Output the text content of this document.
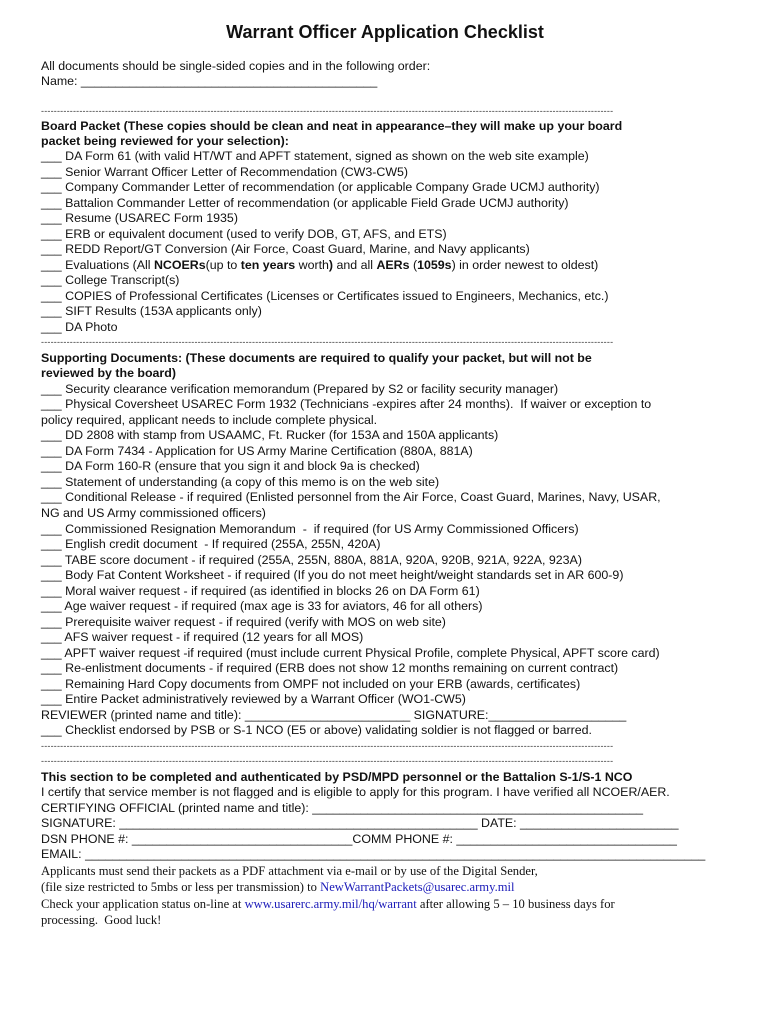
Warrant Officer Application Checklist
All documents should be single-sided copies and in the following order:
Name: ___________________________________________
-----------------------------------------------------------------------------------------------------------------------------------------------------------------------------------
Board Packet (These copies should be clean and neat in appearance–they will make up your board
packet being reviewed for your selection):
___ DA Form 61 (with valid HT/WT and APFT statement, signed as shown on the web site example)
___ Senior Warrant Officer Letter of Recommendation (CW3-CW5)
___ Company Commander Letter of recommendation (or applicable Company Grade UCMJ authority)
___ Battalion Commander Letter of recommendation (or applicable Field Grade UCMJ authority)
___ Resume (USAREC Form 1935)
___ ERB or equivalent document (used to verify DOB, GT, AFS, and ETS)
___ REDD Report/GT Conversion (Air Force, Coast Guard, Marine, and Navy applicants)
___ Evaluations (All NCOERs(up to ten years worth) and all AERs (1059s) in order newest to oldest)
___ College Transcript(s)
___ COPIES of Professional Certificates (Licenses or Certificates issued to Engineers, Mechanics, etc.)
___ SIFT Results (153A applicants only)
___ DA Photo
-----------------------------------------------------------------------------------------------------------------------------------------------------------------------------------
Supporting Documents: (These documents are required to qualify your packet, but will not be
reviewed by the board)
___ Security clearance verification memorandum (Prepared by S2 or facility security manager)
___ Physical Coversheet USAREC Form 1932 (Technicians -expires after 24 months).  If waiver or exception to
policy required, applicant needs to include complete physical.
___ DD 2808 with stamp from USAAMC, Ft. Rucker (for 153A and 150A applicants)
___ DA Form 7434 - Application for US Army Marine Certification (880A, 881A)
___ DA Form 160-R (ensure that you sign it and block 9a is checked)
___ Statement of understanding (a copy of this memo is on the web site)
___ Conditional Release - if required (Enlisted personnel from the Air Force, Coast Guard, Marines, Navy, USAR,
NG and US Army commissioned officers)
___ Commissioned Resignation Memorandum  -  if required (for US Army Commissioned Officers)
___ English credit document  - If required (255A, 255N, 420A)
___ TABE score document - if required (255A, 255N, 880A, 881A, 920A, 920B, 921A, 922A, 923A)
___ Body Fat Content Worksheet - if required (If you do not meet height/weight standards set in AR 600-9)
___ Moral waiver request - if required (as identified in blocks 26 on DA Form 61)
___ Age waiver request - if required (max age is 33 for aviators, 46 for all others)
___ Prerequisite waiver request - if required (verify with MOS on web site)
___ AFS waiver request - if required (12 years for all MOS)
___ APFT waiver request -if required (must include current Physical Profile, complete Physical, APFT score card)
___ Re-enlistment documents - if required (ERB does not show 12 months remaining on current contract)
___ Remaining Hard Copy documents from OMPF not included on your ERB (awards, certificates)
___ Entire Packet administratively reviewed by a Warrant Officer (WO1-CW5)
REVIEWER (printed name and title): ________________________ SIGNATURE:____________________
___ Checklist endorsed by PSB or S-1 NCO (E5 or above) validating soldier is not flagged or barred.
-----------------------------------------------------------------------------------------------------------------------------------------------------------------------------------
-----------------------------------------------------------------------------------------------------------------------------------------------------------------------------------
This section to be completed and authenticated by PSD/MPD personnel or the Battalion S-1/S-1 NCO
I certify that service member is not flagged and is eligible to apply for this program. I have verified all NCOER/AER.
CERTIFYING OFFICIAL (printed name and title): ________________________________________________
SIGNATURE: ____________________________________________________ DATE: _______________________
DSN PHONE #: ________________________________COMM PHONE #: ________________________________
EMAIL: __________________________________________________________________________________________
Applicants must send their packets as a PDF attachment via e-mail or by use of the Digital Sender,
(file size restricted to 5mbs or less per transmission) to NewWarrantPackets@usarec.army.mil
Check your application status on-line at www.usarerc.army.mil/hq/warrant after allowing 5 – 10 business days for
processing.  Good luck!
